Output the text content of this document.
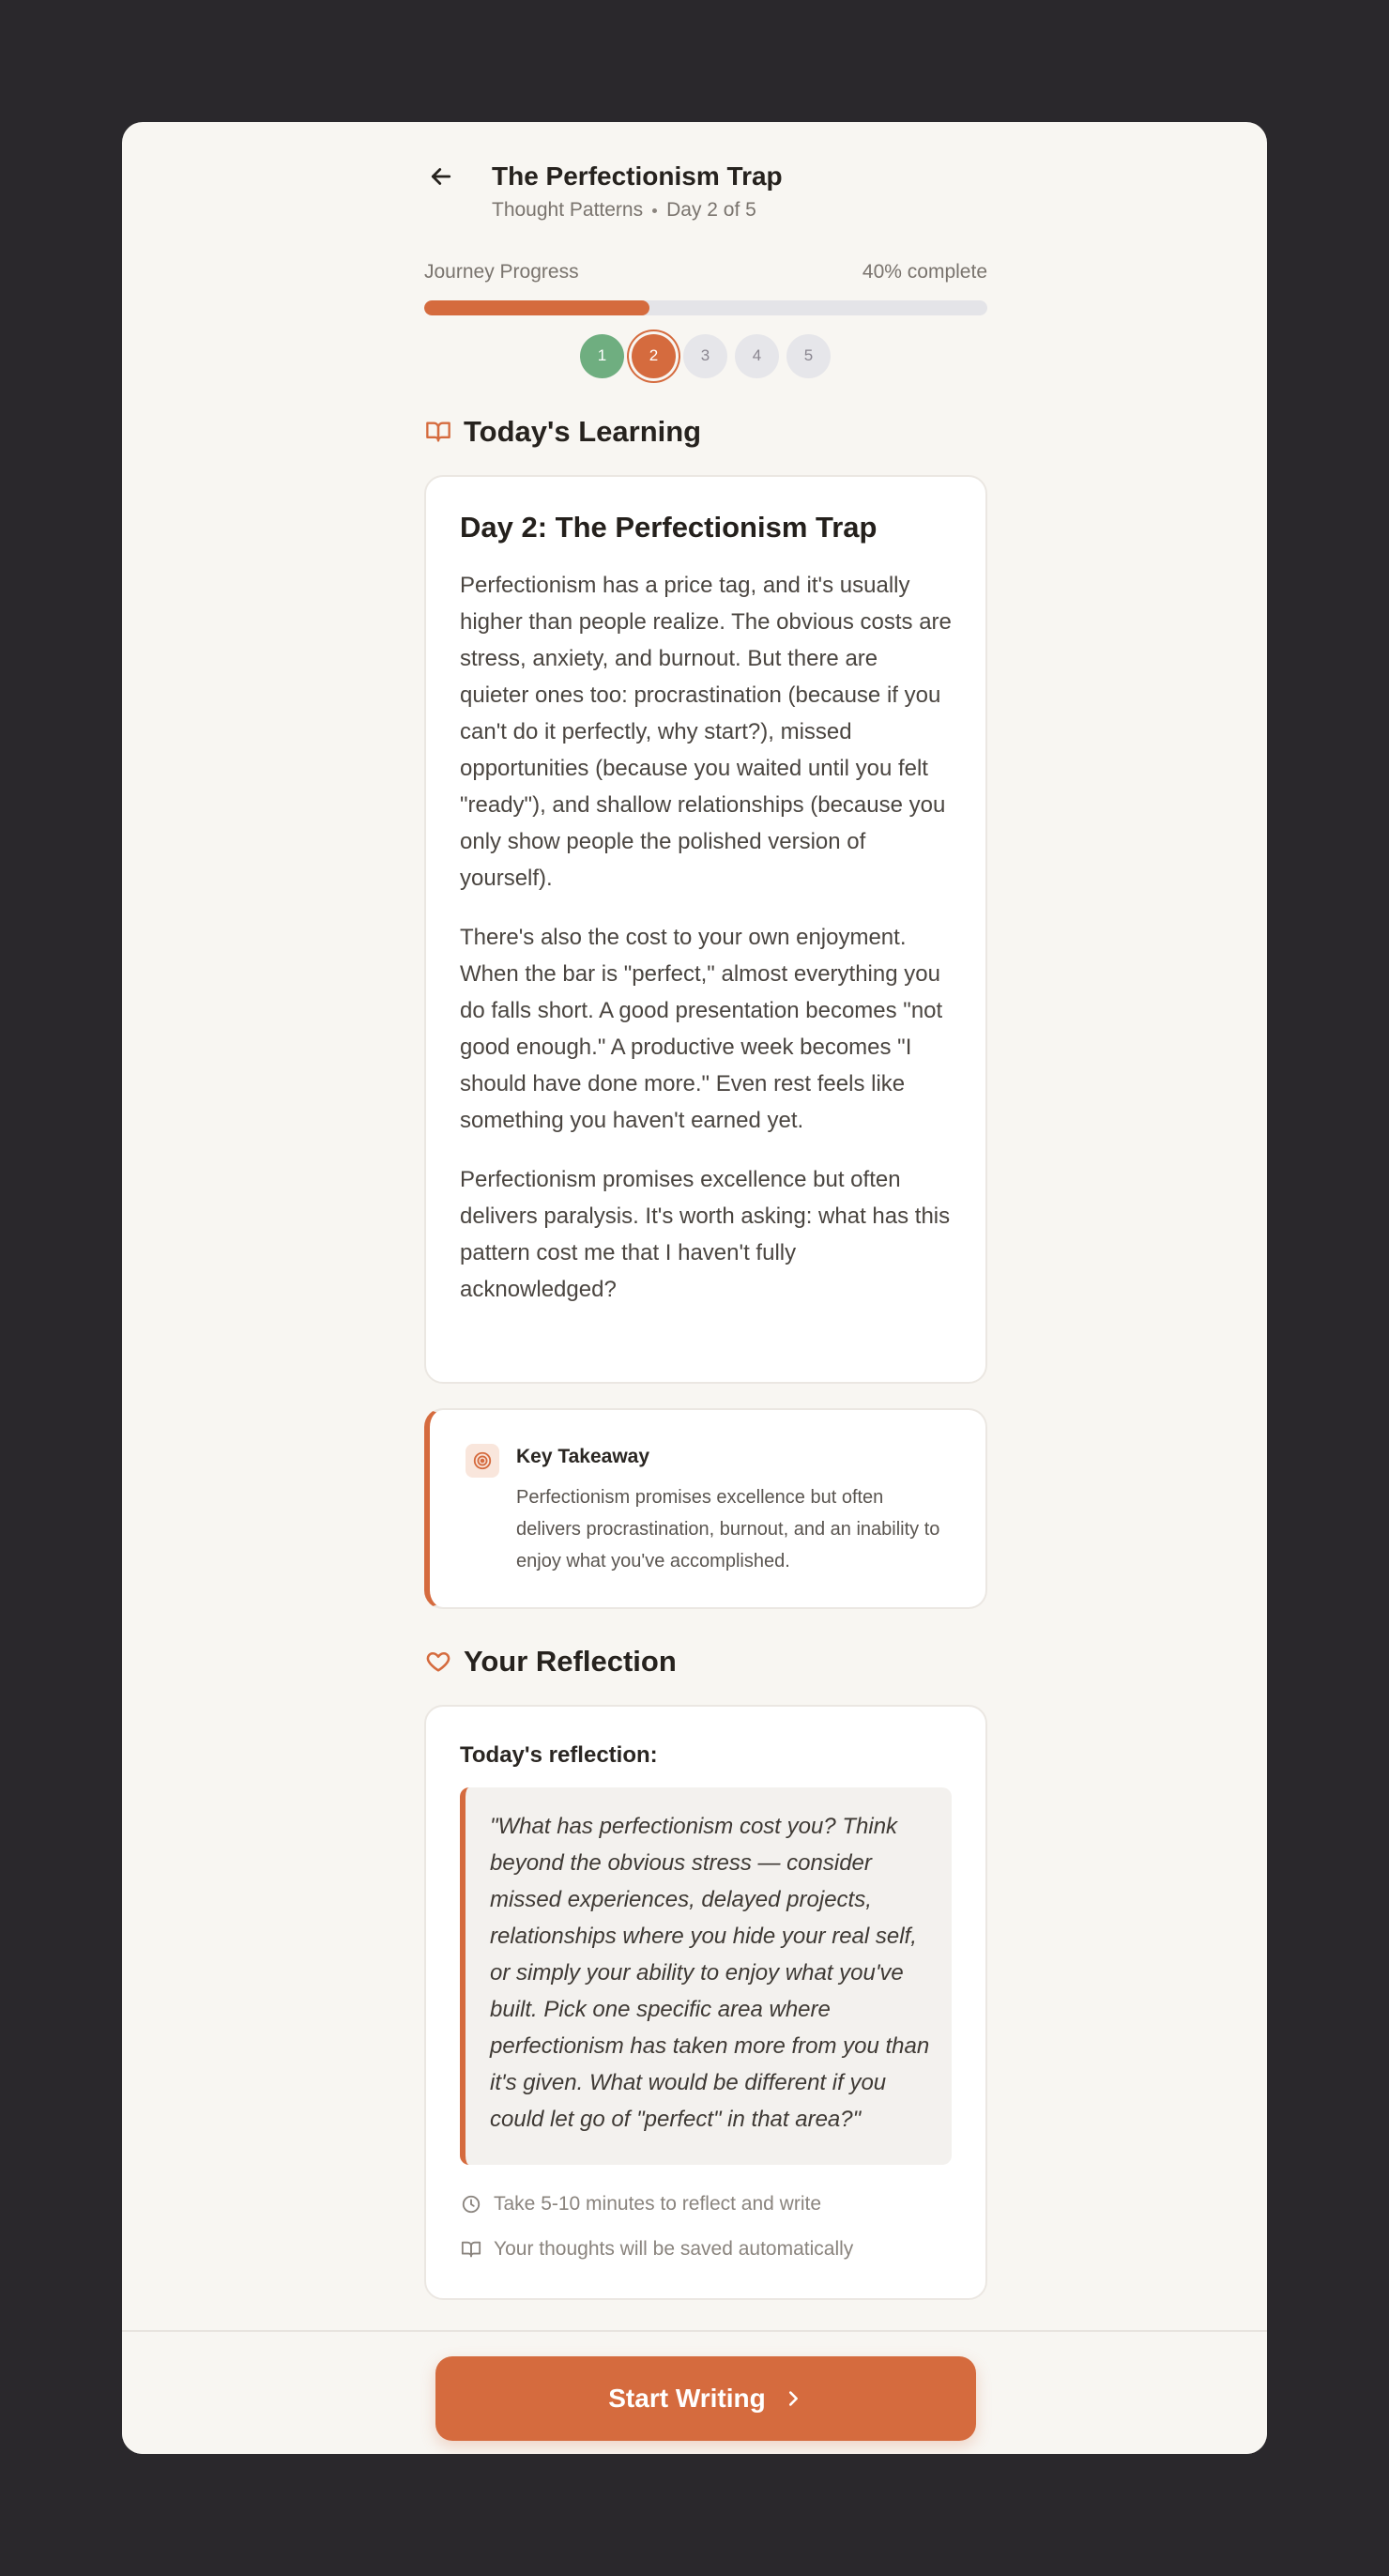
The Perfectionism Trap
Thought Patterns Day 2 of 5
Journey Progress	40% complete
1	2	3	4	5
Today's Learning
Day 2: The Perfectionism Trap

Perfectionism has a price tag, and it's usually higher than people realize. The obvious costs are stress, anxiety, and burnout. But there are quieter ones too: procrastination (because if you can't do it perfectly, why start?), missed opportunities (because you waited until you felt "ready"), and shallow relationships (because you only show people the polished version of yourself).

There's also the cost to your own enjoyment. When the bar is "perfect," almost everything you do falls short. A good presentation becomes "not good enough." A productive week becomes "I should have done more." Even rest feels like something you haven't earned yet.

Perfectionism promises excellence but often delivers paralysis. It's worth asking: what has this pattern cost me that I haven't fully acknowledged?

Key Takeaway
Perfectionism promises excellence but often delivers procrastination, burnout, and an inability to enjoy what you've accomplished.
Your Reflection
Today's reflection:
"What has perfectionism cost you? Think beyond the obvious stress — consider missed experiences, delayed projects, relationships where you hide your real self, or simply your ability to enjoy what you've built. Pick one specific area where perfectionism has taken more from you than it's given. What would be different if you could let go of "perfect" in that area?"
Take 5-10 minutes to reflect and write
Your thoughts will be saved automatically
Start Writing
